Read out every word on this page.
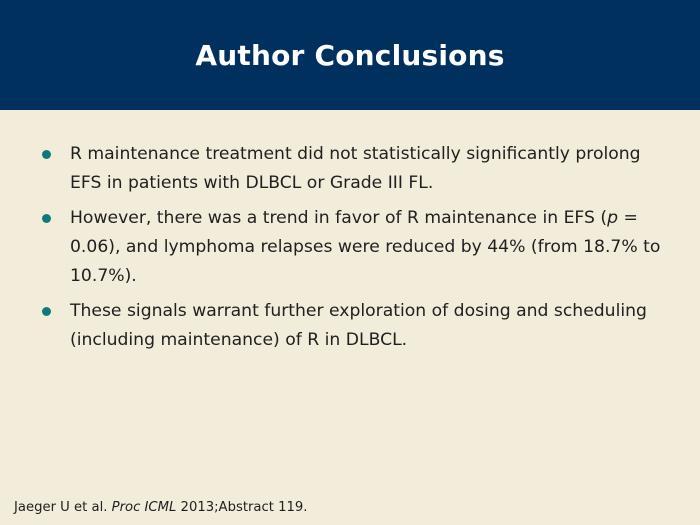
Author Conclusions
R maintenance treatment did not statistically significantly prolong EFS in patients with DLBCL or Grade III FL.
However, there was a trend in favor of R maintenance in EFS (p = 0.06), and lymphoma relapses were reduced by 44% (from 18.7% to 10.7%).
These signals warrant further exploration of dosing and scheduling (including maintenance) of R in DLBCL.
Jaeger U et al. Proc ICML 2013;Abstract 119.
